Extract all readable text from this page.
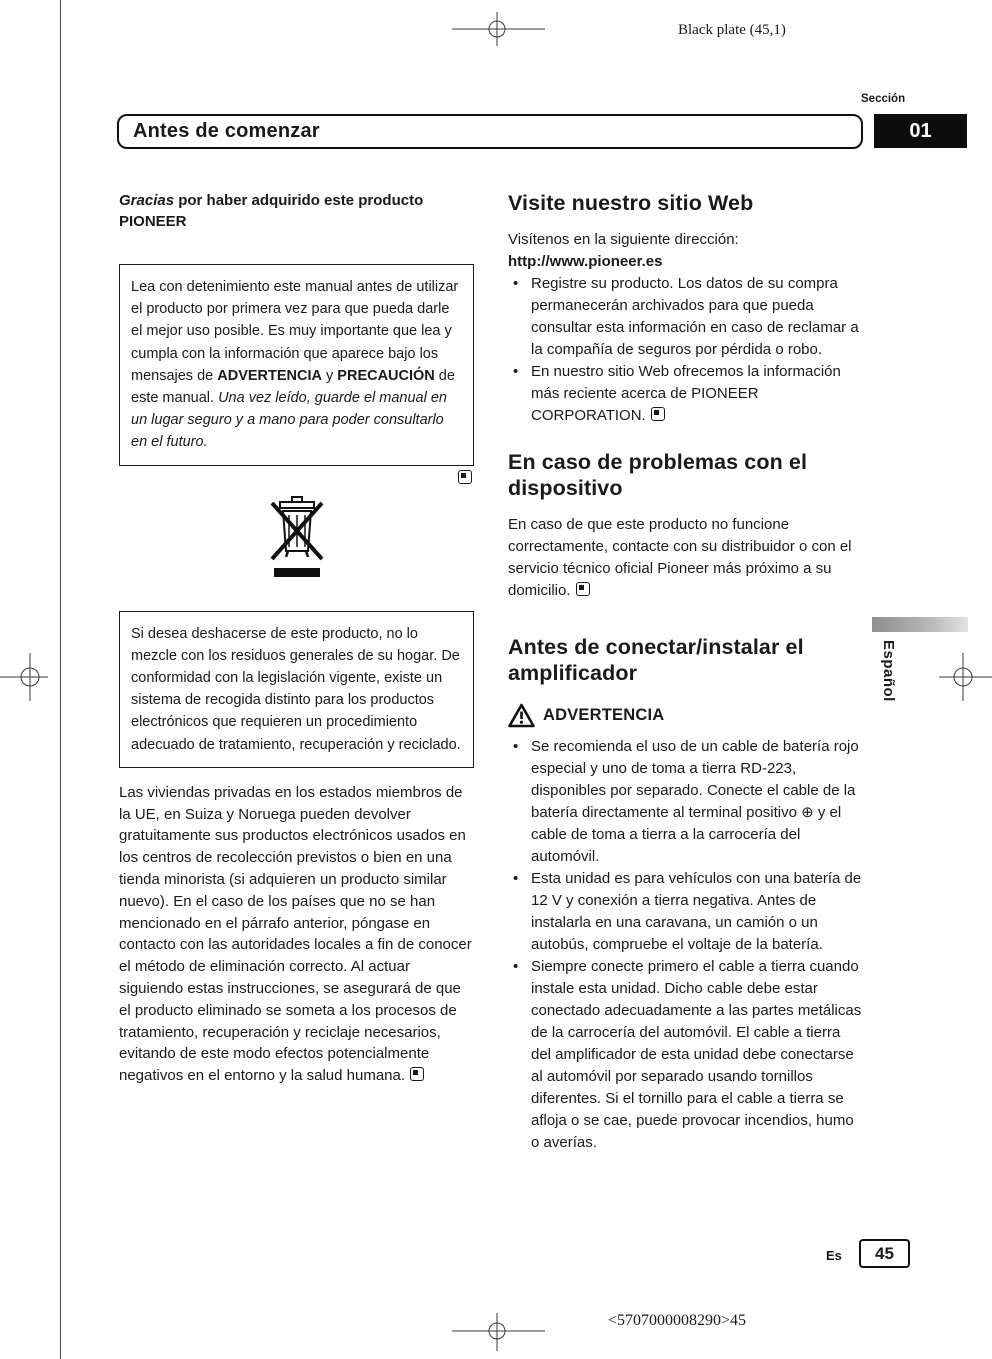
Black plate (45,1)
<5707000008290>45
Sección
Antes de comenzar	01
Español

Gracias por haber adquirido este producto
PIONEER

Lea con detenimiento este manual antes de utilizar el producto por primera vez para que pueda darle el mejor uso posible. Es muy importante que lea y cumpla con la información que aparece bajo los mensajes de ADVERTENCIA y PRECAUCIÓN de este manual. Una vez leído, guarde el manual en un lugar seguro y a mano para poder consultarlo en el futuro.
Si desea deshacerse de este producto, no lo mezcle con los residuos generales de su hogar. De conformidad con la legislación vigente, existe un sistema de recogida distinto para los productos electrónicos que requieren un procedimiento adecuado de tratamiento, recuperación y reciclado.

Las viviendas privadas en los estados miembros de la UE, en Suiza y Noruega pueden devolver gratuitamente sus productos electrónicos usados en los centros de recolección previstos o bien en una tienda minorista (si adquieren un producto similar nuevo). En el caso de los países que no se han mencionado en el párrafo anterior, póngase en contacto con las autoridades locales a fin de conocer el método de eliminación correcto. Al actuar siguiendo estas instrucciones, se asegurará de que el producto eliminado se someta a los procesos de tratamiento, recuperación y reciclaje necesarios, evitando de este modo efectos potencialmente negativos en el entorno y la salud humana.

Visite nuestro sitio Web

Visítenos en la siguiente dirección:

http://www.pioneer.es

• Registre su producto. Los datos de su compra permanecerán archivados para que pueda consultar esta información en caso de reclamar a la compañía de seguros por pérdida o robo.
• En nuestro sitio Web ofrecemos la información más reciente acerca de PIONEER CORPORATION.
En caso de problemas con el dispositivo

En caso de que este producto no funcione correctamente, contacte con su distribuidor o con el servicio técnico oficial Pioneer más próximo a su domicilio.

Antes de conectar/instalar el amplificador
ADVERTENCIA
• Se recomienda el uso de un cable de batería rojo especial y uno de toma a tierra RD-223, disponibles por separado. Conecte el cable de la batería directamente al terminal positivo ⊕ y el cable de toma a tierra a la carrocería del automóvil.
• Esta unidad es para vehículos con una batería de 12 V y conexión a tierra negativa. Antes de instalarla en una caravana, un camión o un autobús, compruebe el voltaje de la batería.
• Siempre conecte primero el cable a tierra cuando instale esta unidad. Dicho cable debe estar conectado adecuadamente a las partes metálicas de la carrocería del automóvil. El cable a tierra del amplificador de esta unidad debe conectarse al automóvil por separado usando tornillos diferentes. Si el tornillo para el cable a tierra se afloja o se cae, puede provocar incendios, humo o averías.
Es	45
